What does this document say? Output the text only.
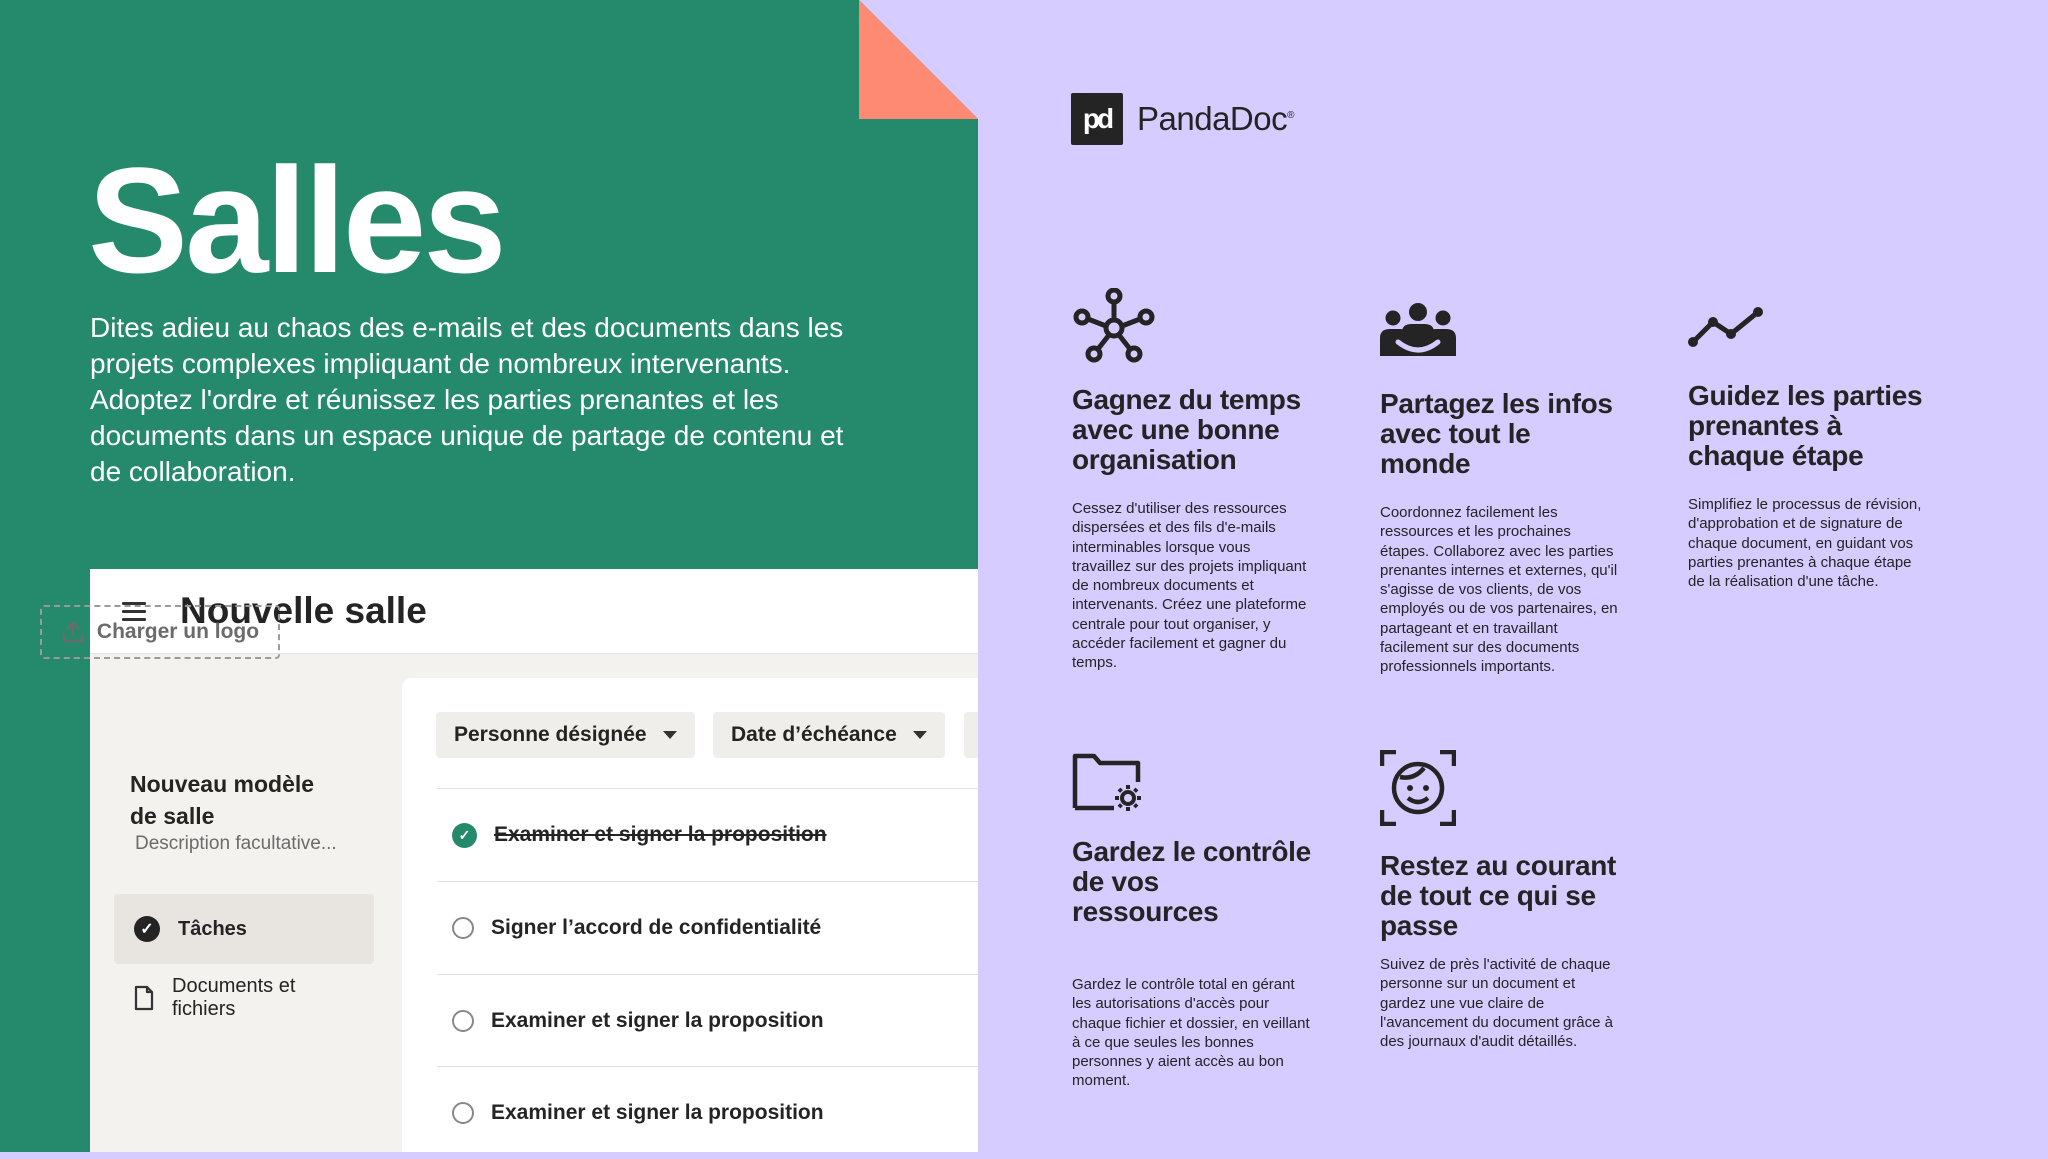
Salles

Dites adieu au chaos des e-mails et des documents dans les projets complexes impliquant de nombreux intervenants. Adoptez l'ordre et réunissez les parties prenantes et les documents dans un espace unique de partage de contenu et de collaboration.

Nouvelle salle
Charger un logo

Nouveau modèle de salle

Description facultative...
✓	Tâches
Documents et fichiers
Personne désignée	Date d’échéance
✓	Examiner et signer la proposition
Signer l’accord de confidentialité
Examiner et signer la proposition
Examiner et signer la proposition
pd PandaDoc®
Gagnez du temps avec une bonne organisation

Cessez d'utiliser des ressources dispersées et des fils d'e-mails interminables lorsque vous travaillez sur des projets impliquant de nombreux documents et intervenants. Créez une plateforme centrale pour tout organiser, y accéder facilement et gagner du temps.

Partagez les infos avec tout le monde

Coordonnez facilement les ressources et les prochaines étapes. Collaborez avec les parties prenantes internes et externes, qu'il s'agisse de vos clients, de vos employés ou de vos partenaires, en partageant et en travaillant facilement sur des documents professionnels importants.

Guidez les parties prenantes à chaque étape

Simplifiez le processus de révision, d'approbation et de signature de chaque document, en guidant vos parties prenantes à chaque étape de la réalisation d'une tâche.

Gardez le contrôle de vos ressources

Gardez le contrôle total en gérant les autorisations d'accès pour chaque fichier et dossier, en veillant à ce que seules les bonnes personnes y aient accès au bon moment.

Restez au courant de tout ce qui se passe

Suivez de près l'activité de chaque personne sur un document et gardez une vue claire de l'avancement du document grâce à des journaux d'audit détaillés.
